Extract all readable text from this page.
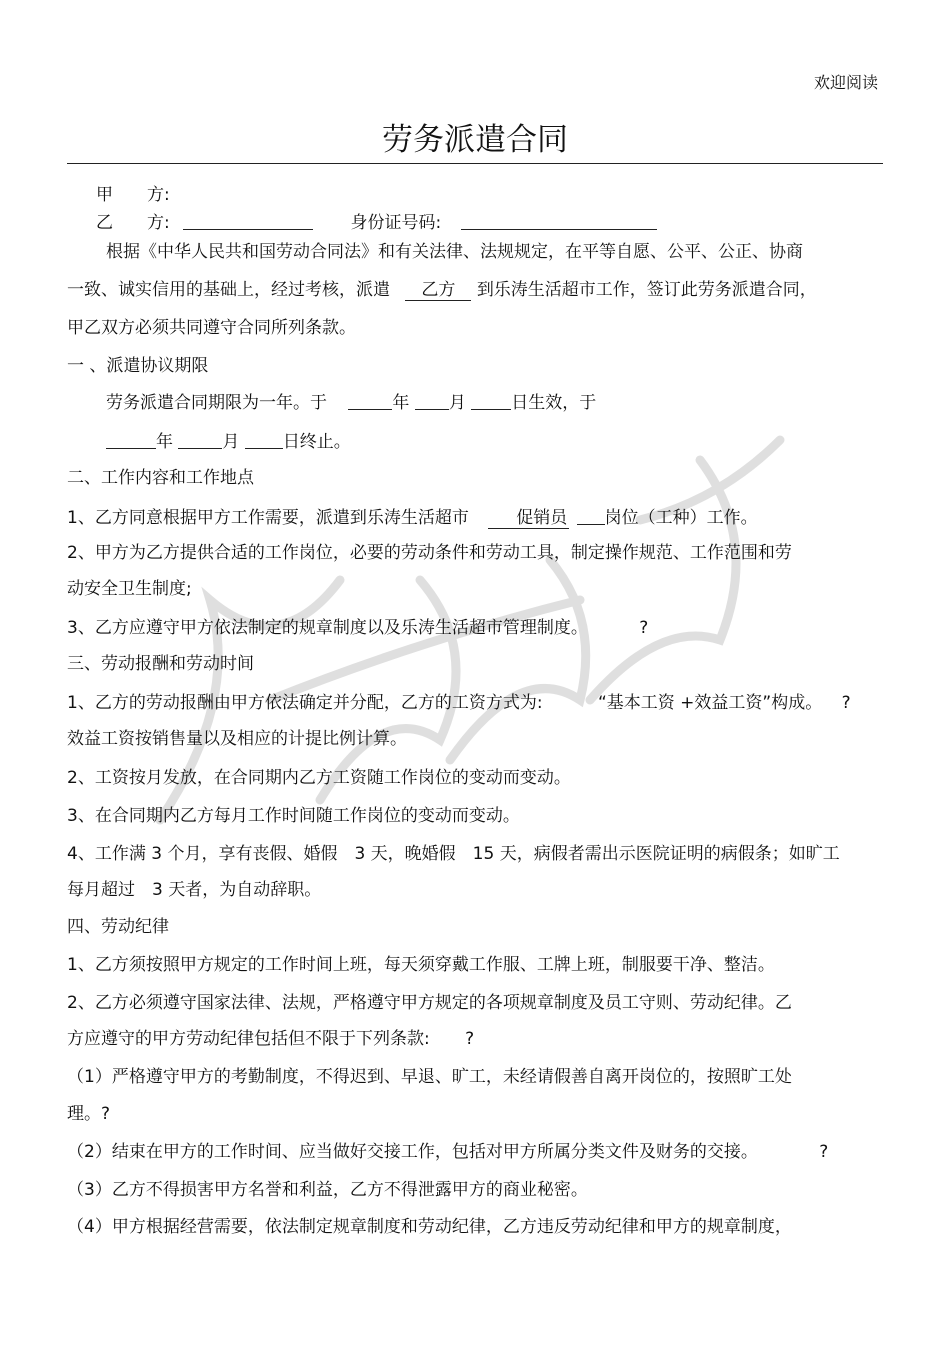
欢迎阅读
劳务派遣合同
甲　　方:
乙　　方:	身份证号码:
根据《中华人民共和国劳动合同法》和有关法律、法规规定，在平等自愿、公平、公正、协商
一致、诚实信用的基础上，经过考核，派遣 乙方 到乐涛生活超市工作，签订此劳务派遣合同，
甲乙双方必须共同遵守合同所列条款。
一 、派遣协议期限
劳务派遣合同期限为一年。于	年 月	日生效，于
年	月	日终止。
二、工作内容和工作地点
1、乙方同意根据甲方工作需要，派遣到乐涛生活超市	促销员 岗位（工种）工作。
2、甲方为乙方提供合适的工作岗位，必要的劳动条件和劳动工具，制定操作规范、工作范围和劳
动安全卫生制度;
3、乙方应遵守甲方依法制定的规章制度以及乐涛生活超市管理制度。	?
三、劳动报酬和劳动时间
1、乙方的劳动报酬由甲方依法确定并分配，乙方的工资方式为:	“基本工资 +效益工资”构成。 ?
效益工资按销售量以及相应的计提比例计算。
2、工资按月发放，在合同期内乙方工资随工作岗位的变动而变动。
3、在合同期内乙方每月工作时间随工作岗位的变动而变动。
4、工作满 3 个月，享有丧假、婚假　3 天，晚婚假　15 天，病假者需出示医院证明的病假条；如旷工
每月超过　3 天者，为自动辞职。
四、劳动纪律
1、乙方须按照甲方规定的工作时间上班，每天须穿戴工作服、工牌上班，制服要干净、整洁。
2、乙方必须遵守国家法律、法规，严格遵守甲方规定的各项规章制度及员工守则、劳动纪律。乙
方应遵守的甲方劳动纪律包括但不限于下列条款: ?
（1）严格遵守甲方的考勤制度，不得迟到、早退、旷工，未经请假善自离开岗位的，按照旷工处
理。?
（2）结束在甲方的工作时间、应当做好交接工作，包括对甲方所属分类文件及财务的交接。	?
（3）乙方不得损害甲方名誉和利益，乙方不得泄露甲方的商业秘密。
（4）甲方根据经营需要，依法制定规章制度和劳动纪律，乙方违反劳动纪律和甲方的规章制度，
